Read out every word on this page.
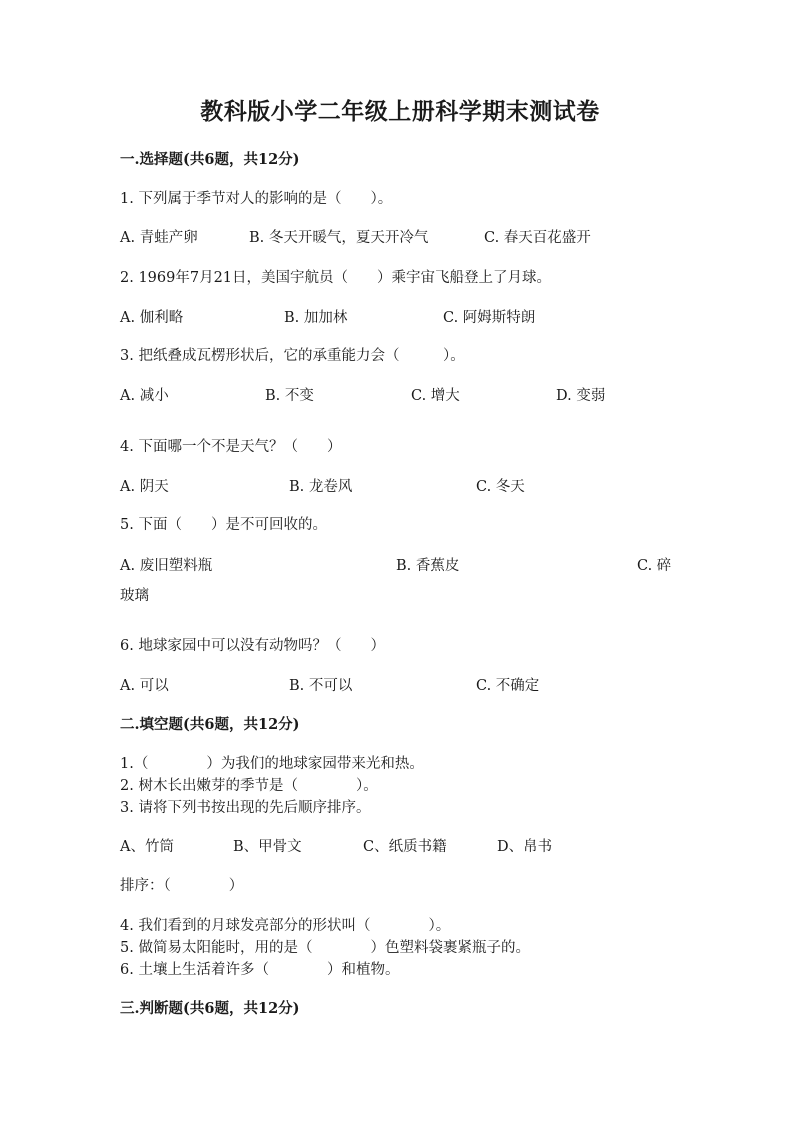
教科版小学二年级上册科学期末测试卷
一.选择题(共6题，共12分)
1. 下列属于季节对人的影响的是（　　）。
A. 青蛙产卵	B. 冬天开暖气，夏天开冷气	C. 春天百花盛开
2. 1969年7月21日，美国宇航员（　　）乘宇宙飞船登上了月球。
A. 伽利略	B. 加加林	C. 阿姆斯特朗
3. 把纸叠成瓦楞形状后，它的承重能力会（　　　）。
A. 减小	B. 不变	C. 增大	D. 变弱
4. 下面哪一个不是天气？（　　）
A. 阴天	B. 龙卷风	C. 冬天
5. 下面（　　）是不可回收的。
A. 废旧塑料瓶	B. 香蕉皮	C. 碎
玻璃
6. 地球家园中可以没有动物吗？（　　）
A. 可以	B. 不可以	C. 不确定
二.填空题(共6题，共12分)
1.（　　　　）为我们的地球家园带来光和热。
2. 树木长出嫩芽的季节是（　　　　）。
3. 请将下列书按出现的先后顺序排序。
A、竹筒	B、甲骨文	C、纸质书籍	D、帛书
排序：（　　　　）
4. 我们看到的月球发亮部分的形状叫（　　　　）。
5. 做简易太阳能时，用的是（　　　　）色塑料袋裹紧瓶子的。
6. 土壤上生活着许多（　　　　）和植物。
三.判断题(共6题，共12分)
